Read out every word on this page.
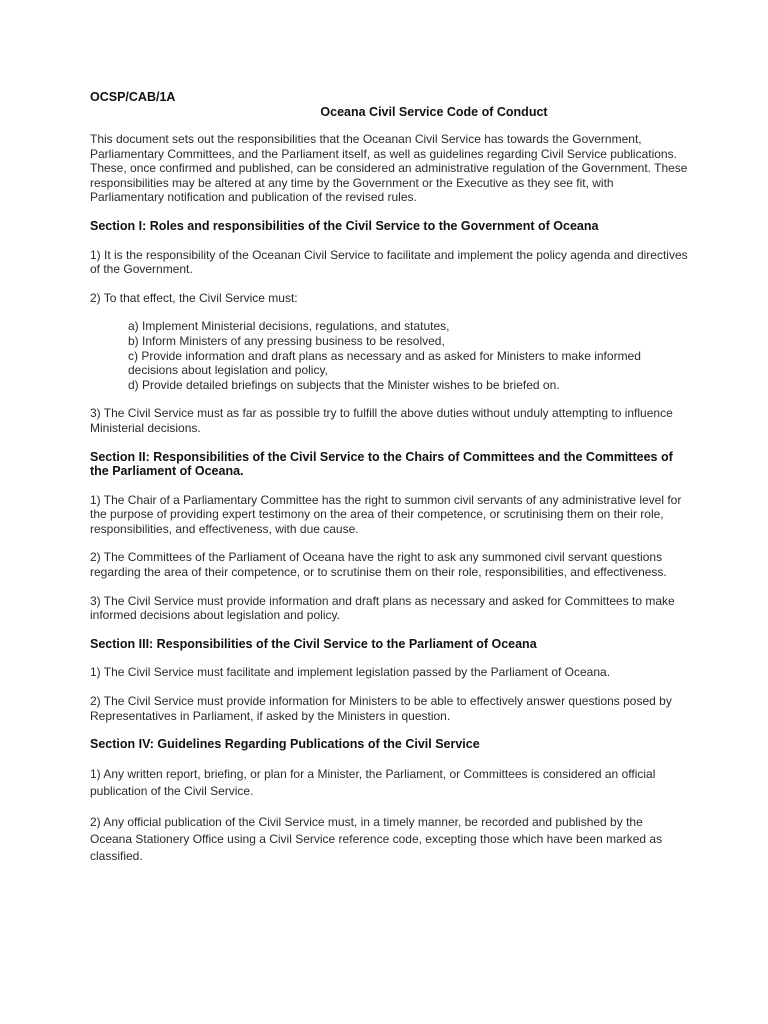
OCSP/CAB/1A
Oceana Civil Service Code of Conduct

This document sets out the responsibilities that the Oceanan Civil Service has towards the Government, Parliamentary Committees, and the Parliament itself, as well as guidelines regarding Civil Service publications. These, once confirmed and published, can be considered an administrative regulation of the Government. These responsibilities may be altered at any time by the Government or the Executive as they see fit, with Parliamentary notification and publication of the revised rules.

Section I: Roles and responsibilities of the Civil Service to the Government of Oceana

1) It is the responsibility of the Oceanan Civil Service to facilitate and implement the policy agenda and directives of the Government.

2) To that effect, the Civil Service must:

a) Implement Ministerial decisions, regulations, and statutes,
b) Inform Ministers of any pressing business to be resolved,
c) Provide information and draft plans as necessary and as asked for Ministers to make informed decisions about legislation and policy,
d) Provide detailed briefings on subjects that the Minister wishes to be briefed on.

3) The Civil Service must as far as possible try to fulfill the above duties without unduly attempting to influence Ministerial decisions.

Section II: Responsibilities of the Civil Service to the Chairs of Committees and the Committees of the Parliament of Oceana.

1) The Chair of a Parliamentary Committee has the right to summon civil servants of any administrative level for the purpose of providing expert testimony on the area of their competence, or scrutinising them on their role, responsibilities, and effectiveness, with due cause.

2) The Committees of the Parliament of Oceana have the right to ask any summoned civil servant questions regarding the area of their competence, or to scrutinise them on their role, responsibilities, and effectiveness.

3) The Civil Service must provide information and draft plans as necessary and asked for Committees to make informed decisions about legislation and policy.

Section III: Responsibilities of the Civil Service to the Parliament of Oceana

1) The Civil Service must facilitate and implement legislation passed by the Parliament of Oceana.

2) The Civil Service must provide information for Ministers to be able to effectively answer questions posed by Representatives in Parliament, if asked by the Ministers in question.

Section IV: Guidelines Regarding Publications of the Civil Service

1) Any written report, briefing, or plan for a Minister, the Parliament, or Committees is considered an official publication of the Civil Service.

2) Any official publication of the Civil Service must, in a timely manner, be recorded and published by the Oceana Stationery Office using a Civil Service reference code, excepting those which have been marked as classified.
